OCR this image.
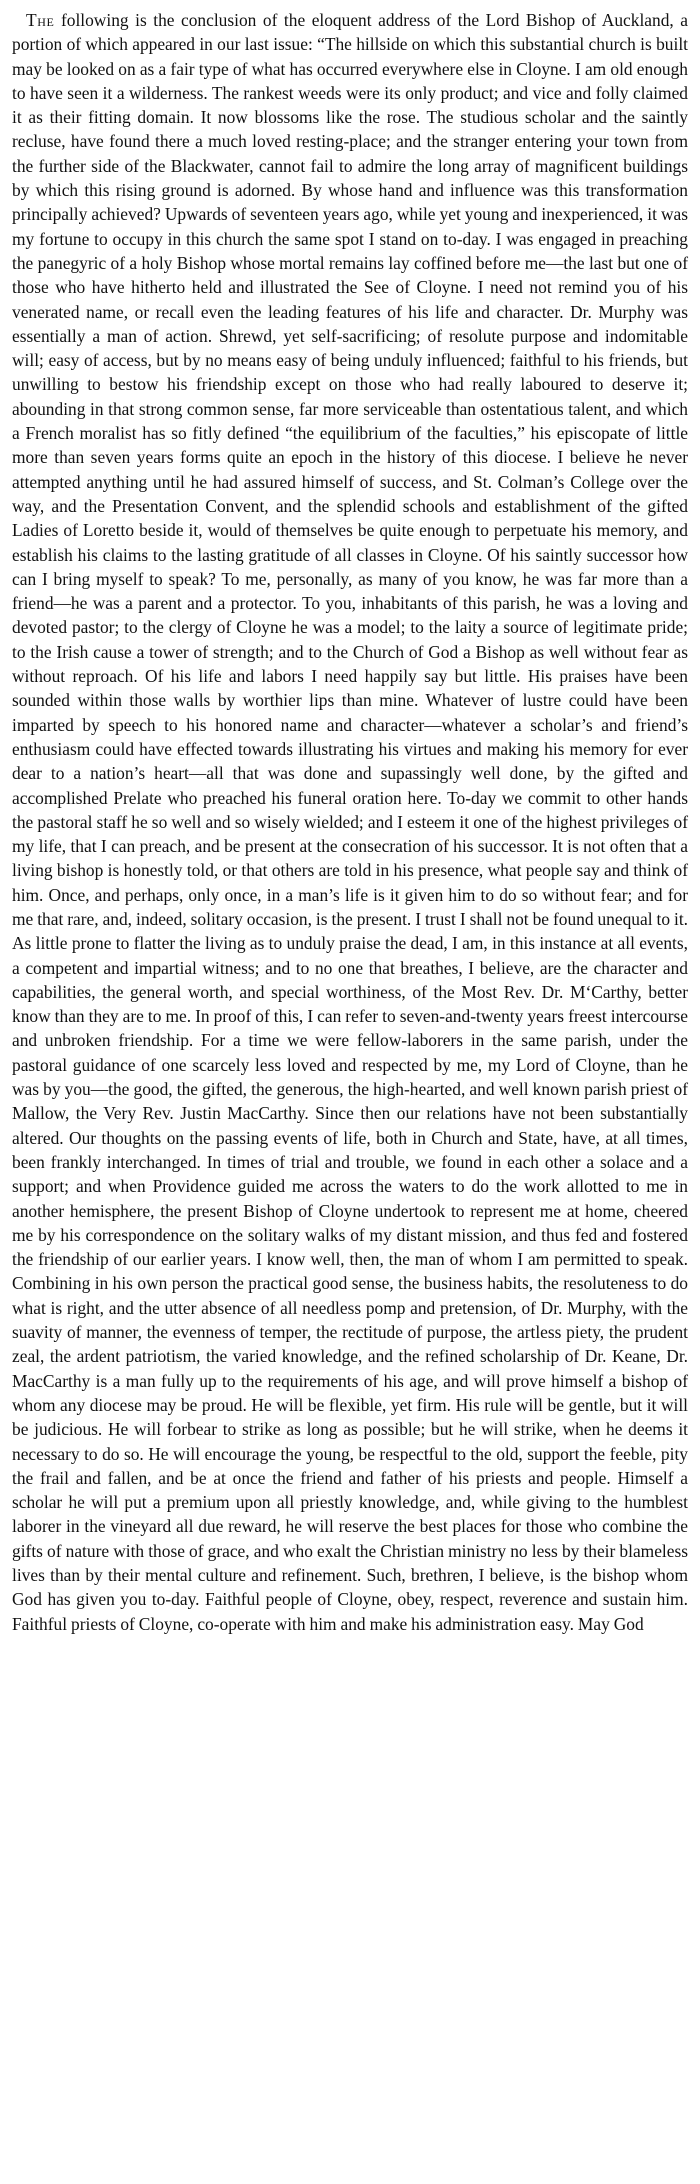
The following is the conclusion of the eloquent address of the Lord Bishop of Auckland, a portion of which appeared in our last issue: “The hillside on which this substantial church is built may be looked on as a fair type of what has occurred everywhere else in Cloyne. I am old enough to have seen it a wilderness. The rankest weeds were its only product; and vice and folly claimed it as their fitting domain. It now blossoms like the rose. The studious scholar and the saintly recluse, have found there a much loved resting-place; and the stranger entering your town from the further side of the Blackwater, cannot fail to admire the long array of magnificent buildings by which this rising ground is adorned. By whose hand and influence was this transformation principally achieved? Upwards of seventeen years ago, while yet young and inexperienced, it was my fortune to occupy in this church the same spot I stand on to-day. I was engaged in preaching the panegyric of a holy Bishop whose mortal remains lay coffined before me—the last but one of those who have hitherto held and illustrated the See of Cloyne. I need not remind you of his venerated name, or recall even the leading features of his life and character. Dr. Murphy was essentially a man of action. Shrewd, yet self-sacrificing; of resolute purpose and indomitable will; easy of access, but by no means easy of being unduly influenced; faithful to his friends, but unwilling to bestow his friendship except on those who had really laboured to deserve it; abounding in that strong common sense, far more serviceable than ostentatious talent, and which a French moralist has so fitly defined “the equilibrium of the faculties,” his episcopate of little more than seven years forms quite an epoch in the history of this diocese. I believe he never attempted anything until he had assured himself of success, and St. Colman’s College over the way, and the Presentation Convent, and the splendid schools and establishment of the gifted Ladies of Loretto beside it, would of themselves be quite enough to perpetuate his memory, and establish his claims to the lasting gratitude of all classes in Cloyne. Of his saintly successor how can I bring myself to speak? To me, personally, as many of you know, he was far more than a friend—he was a parent and a protector. To you, inhabitants of this parish, he was a loving and devoted pastor; to the clergy of Cloyne he was a model; to the laity a source of legitimate pride; to the Irish cause a tower of strength; and to the Church of God a Bishop as well without fear as without reproach. Of his life and labors I need happily say but little. His praises have been sounded within those walls by worthier lips than mine. Whatever of lustre could have been imparted by speech to his honored name and character—whatever a scholar’s and friend’s enthusiasm could have effected towards illustrating his virtues and making his memory for ever dear to a nation’s heart—all that was done and supassingly well done, by the gifted and accomplished Prelate who preached his funeral oration here. To-day we commit to other hands the pastoral staff he so well and so wisely wielded; and I esteem it one of the highest privileges of my life, that I can preach, and be present at the consecration of his successor. It is not often that a living bishop is honestly told, or that others are told in his presence, what people say and think of him. Once, and perhaps, only once, in a man’s life is it given him to do so without fear; and for me that rare, and, indeed, solitary occasion, is the present. I trust I shall not be found unequal to it. As little prone to flatter the living as to unduly praise the dead, I am, in this instance at all events, a competent and impartial witness; and to no one that breathes, I believe, are the character and capabilities, the general worth, and special worthiness, of the Most Rev. Dr. M‘Carthy, better know than they are to me. In proof of this, I can refer to seven-and-twenty years freest intercourse and unbroken friendship. For a time we were fellow-laborers in the same parish, under the pastoral guidance of one scarcely less loved and respected by me, my Lord of Cloyne, than he was by you—the good, the gifted, the generous, the high-hearted, and well known parish priest of Mallow, the Very Rev. Justin MacCarthy. Since then our relations have not been substantially altered. Our thoughts on the passing events of life, both in Church and State, have, at all times, been frankly interchanged. In times of trial and trouble, we found in each other a solace and a support; and when Providence guided me across the waters to do the work allotted to me in another hemisphere, the present Bishop of Cloyne undertook to represent me at home, cheered me by his correspondence on the solitary walks of my distant mission, and thus fed and fostered the friendship of our earlier years. I know well, then, the man of whom I am permitted to speak. Combining in his own person the practical good sense, the business habits, the resoluteness to do what is right, and the utter absence of all needless pomp and pretension, of Dr. Murphy, with the suavity of manner, the evenness of temper, the rectitude of purpose, the artless piety, the prudent zeal, the ardent patriotism, the varied knowledge, and the refined scholarship of Dr. Keane, Dr. MacCarthy is a man fully up to the requirements of his age, and will prove himself a bishop of whom any diocese may be proud. He will be flexible, yet firm. His rule will be gentle, but it will be judicious. He will forbear to strike as long as possible; but he will strike, when he deems it necessary to do so. He will encourage the young, be respectful to the old, support the feeble, pity the frail and fallen, and be at once the friend and father of his priests and people. Himself a scholar he will put a premium upon all priestly knowledge, and, while giving to the humblest laborer in the vineyard all due reward, he will reserve the best places for those who combine the gifts of nature with those of grace, and who exalt the Christian ministry no less by their blameless lives than by their mental culture and refinement. Such, brethren, I believe, is the bishop whom God has given you to-day. Faithful people of Cloyne, obey, respect, reverence and sustain him. Faithful priests of Cloyne, co-operate with him and make his administration easy. May God
